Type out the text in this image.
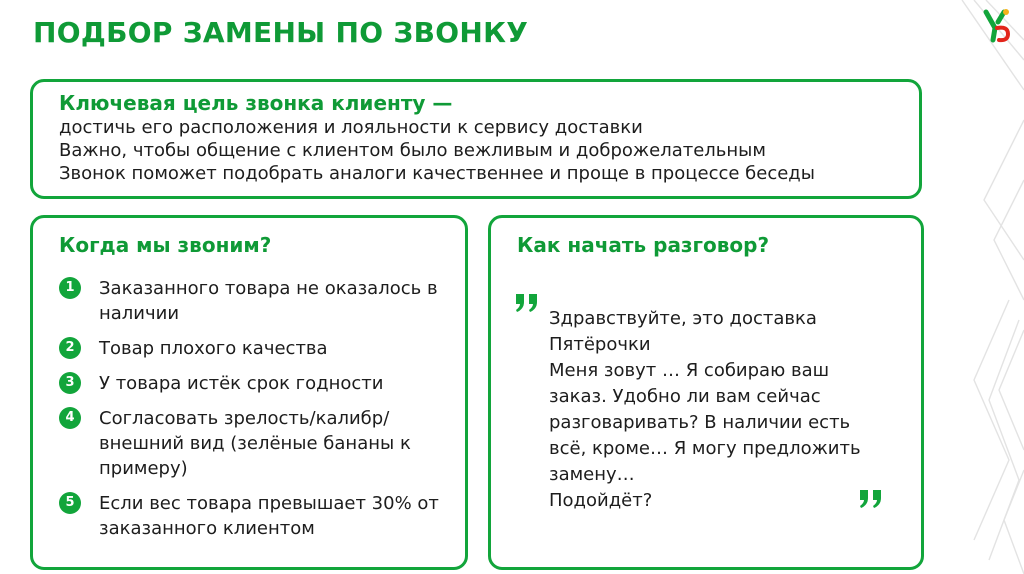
ПОДБОР ЗАМЕНЫ ПО ЗВОНКУ
Ключевая цель звонка клиенту —
достичь его расположения и лояльности к сервису доставки
Важно, чтобы общение с клиентом было вежливым и доброжелательным
Звонок поможет подобрать аналоги качественнее и проще в процессе беседы
Когда мы звоним?
1	Заказанного товара не оказалось в наличии
2	Товар плохого качества
3	У товара истёк срок годности
4	Согласовать зрелость/калибр/ внешний вид (зелёные бананы к примеру)
5	Если вес товара превышает 30% от заказанного клиентом
Как начать разговор?
Здравствуйте, это доставка
Пятёрочки
Меня зовут … Я собираю ваш
заказ. Удобно ли вам сейчас
разговаривать? В наличии есть
всё, кроме… Я могу предложить
замену…
Подойдёт?
